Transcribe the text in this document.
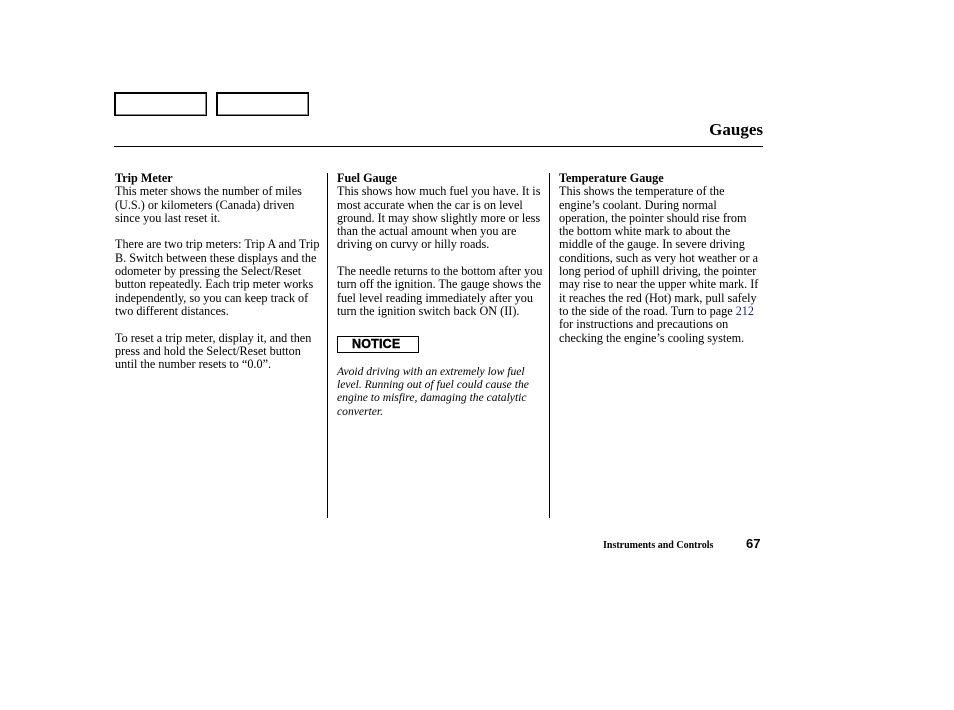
Gauges
Trip Meter

This meter shows the number of miles (U.S.) or kilometers (Canada) driven since you last reset it.

There are two trip meters: Trip A and Trip B. Switch between these displays and the odometer by pressing the Select/Reset button repeatedly. Each trip meter works independently, so you can keep track of two different distances.

To reset a trip meter, display it, and then press and hold the Select/Reset button until the number resets to “0.0”.

Fuel Gauge

This shows how much fuel you have. It is most accurate when the car is on level ground. It may show slightly more or less than the actual amount when you are driving on curvy or hilly roads.

The needle returns to the bottom after you turn off the ignition. The gauge shows the fuel level reading immediately after you turn the ignition switch back ON (II).

NOTICE

Avoid driving with an extremely low fuel level. Running out of fuel could cause the engine to misfire, damaging the catalytic converter.

Temperature Gauge

This shows the temperature of the engine’s coolant. During normal operation, the pointer should rise from the bottom white mark to about the middle of the gauge. In severe driving conditions, such as very hot weather or a long period of uphill driving, the pointer may rise to near the upper white mark. If it reaches the red (Hot) mark, pull safely to the side of the road. Turn to page 212 for instructions and precautions on checking the engine’s cooling system.

Instruments and Controls	67
